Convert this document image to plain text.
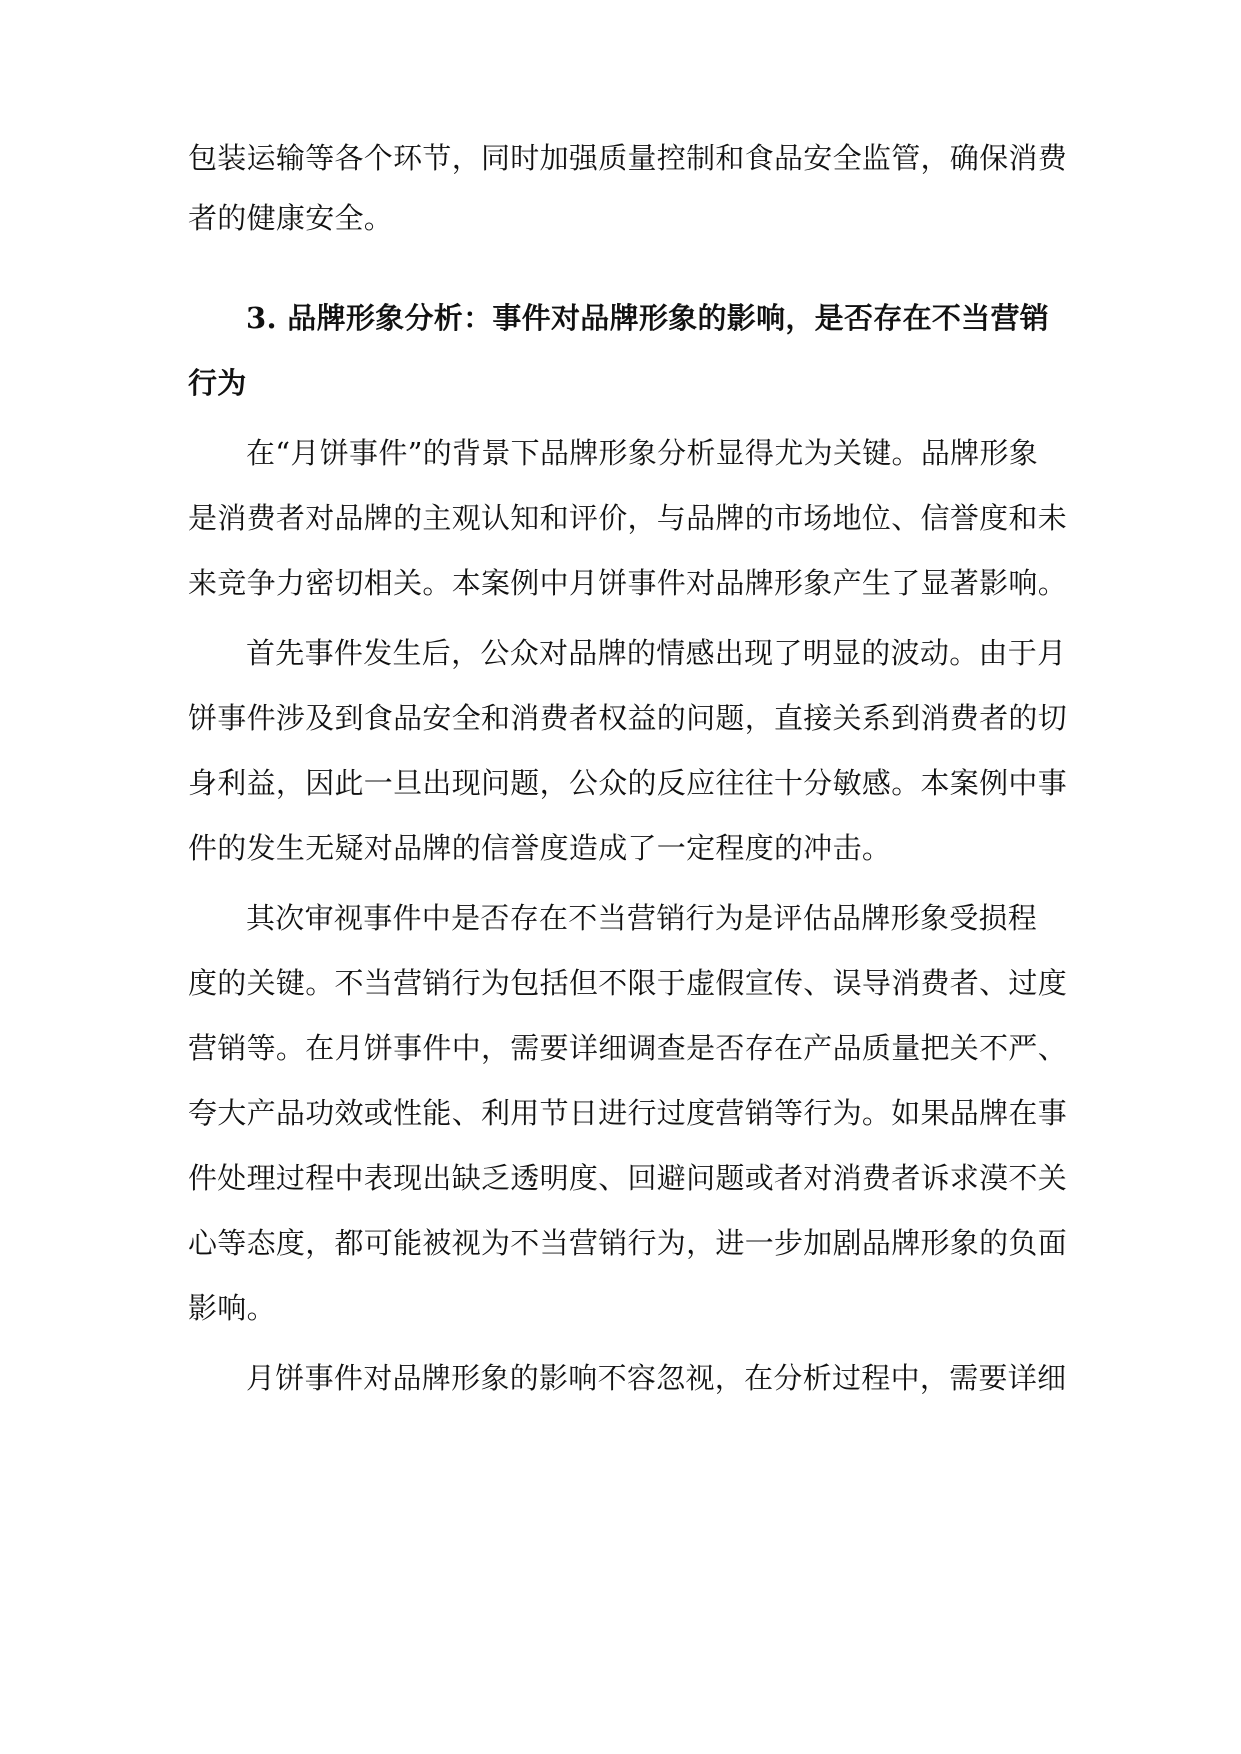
包装运输等各个环节，同时加强质量控制和食品安全监管，确保消费
者的健康安全。
3. 品牌形象分析：事件对品牌形象的影响，是否存在不当营销
行为
在“月饼事件”的背景下品牌形象分析显得尤为关键。品牌形象
是消费者对品牌的主观认知和评价，与品牌的市场地位、信誉度和未
来竞争力密切相关。本案例中月饼事件对品牌形象产生了显著影响。
首先事件发生后，公众对品牌的情感出现了明显的波动。由于月
饼事件涉及到食品安全和消费者权益的问题，直接关系到消费者的切
身利益，因此一旦出现问题，公众的反应往往十分敏感。本案例中事
件的发生无疑对品牌的信誉度造成了一定程度的冲击。
其次审视事件中是否存在不当营销行为是评估品牌形象受损程
度的关键。不当营销行为包括但不限于虚假宣传、误导消费者、过度
营销等。在月饼事件中，需要详细调查是否存在产品质量把关不严、
夸大产品功效或性能、利用节日进行过度营销等行为。如果品牌在事
件处理过程中表现出缺乏透明度、回避问题或者对消费者诉求漠不关
心等态度，都可能被视为不当营销行为，进一步加剧品牌形象的负面
影响。
月饼事件对品牌形象的影响不容忽视，在分析过程中，需要详细
